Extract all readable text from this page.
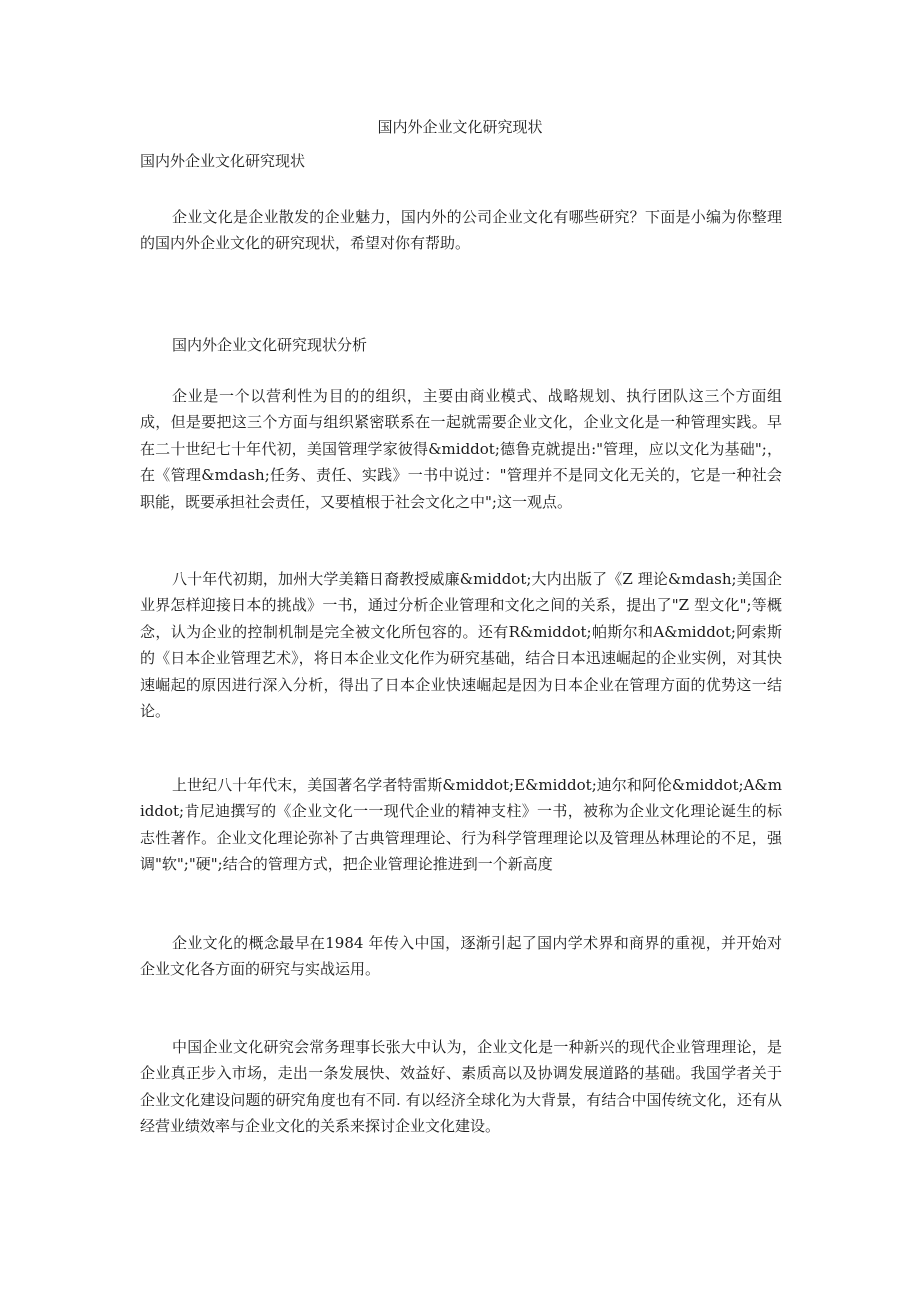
国内外企业文化研究现状
国内外企业文化研究现状

企业文化是企业散发的企业魅力，国内外的公司企业文化有哪些研究？下面是小编为你整理的国内外企业文化的研究现状，希望对你有帮助。

国内外企业文化研究现状分析

企业是一个以营利性为目的的组织，主要由商业模式、战略规划、执行团队这三个方面组成，但是要把这三个方面与组织紧密联系在一起就需要企业文化，企业文化是一种管理实践。早在二十世纪七十年代初，美国管理学家彼得&middot;德鲁克就提出:"管理，应以文化为基础";，在《管理&mdash;任务、责任、实践》一书中说过："管理并不是同文化无关的，它是一种社会职能，既要承担社会责任，又要植根于社会文化之中";这一观点。

八十年代初期，加州大学美籍日裔教授威廉&middot;大内出版了《Z 理论&mdash;美国企业界怎样迎接日本的挑战》一书，通过分析企业管理和文化之间的关系，提出了"Z 型文化";等概念，认为企业的控制机制是完全被文化所包容的。还有R&middot;帕斯尔和A&middot;阿索斯的《日本企业管理艺术》，将日本企业文化作为研究基础，结合日本迅速崛起的企业实例，对其快速崛起的原因进行深入分析，得出了日本企业快速崛起是因为日本企业在管理方面的优势这一结论。

上世纪八十年代末，美国著名学者特雷斯&middot;E&middot;迪尔和阿伦&middot;A&middot;肯尼迪撰写的《企业文化一一现代企业的精神支柱》一书，被称为企业文化理论诞生的标志性著作。企业文化理论弥补了古典管理理论、行为科学管理理论以及管理丛林理论的不足，强调"软";"硬";结合的管理方式，把企业管理论推进到一个新高度

企业文化的概念最早在1984 年传入中国，逐渐引起了国内学术界和商界的重视，并开始对企业文化各方面的研究与实战运用。

中国企业文化研究会常务理事长张大中认为，企业文化是一种新兴的现代企业管理理论，是企业真正步入市场，走出一条发展快、效益好、素质高以及协调发展道路的基础。我国学者关于企业文化建设问题的研究角度也有不同. 有以经济全球化为大背景，有结合中国传统文化，还有从经营业绩效率与企业文化的关系来探讨企业文化建设。
